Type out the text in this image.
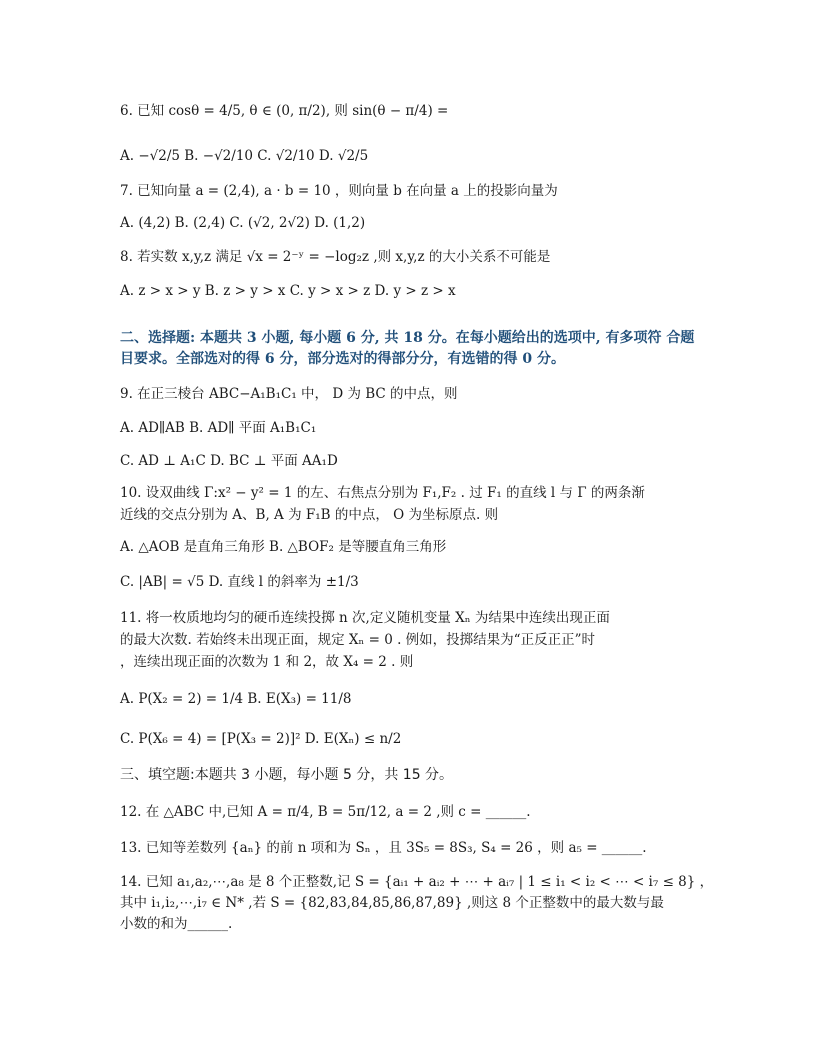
6. 已知 cosθ = 4/5, θ ∈ (0, π/2), 则 sin(θ − π/4) =
A. −√2/5 B. −√2/10 C. √2/10 D. √2/5
7. 已知向量 a = (2,4), a · b = 10 ，则向量 b 在向量 a 上的投影向量为
A. (4,2) B. (2,4) C. (√2, 2√2) D. (1,2)
8. 若实数 x,y,z 满足 √x = 2⁻ʸ = −log₂z ,则 x,y,z 的大小关系不可能是
A. z > x > y B. z > y > x C. y > x > z D. y > z > x
二、选择题: 本题共 3 小题, 每小题 6 分, 共 18 分。在每小题给出的选项中, 有多项符 合题目要求。全部选对的得 6 分，部分选对的得部分分，有选错的得 0 分。
9. 在正三棱台 ABC−A₁B₁C₁ 中， D 为 BC 的中点，则
A. AD∥AB B. AD∥ 平面 A₁B₁C₁
C. AD ⊥ A₁C D. BC ⊥ 平面 AA₁D
10. 设双曲线 Γ:x² − y² = 1 的左、右焦点分别为 F₁,F₂ . 过 F₁ 的直线 l 与 Γ 的两条渐
近线的交点分别为 A、B, A 为 F₁B 的中点， O 为坐标原点. 则
A. △AOB 是直角三角形 B. △BOF₂ 是等腰直角三角形
C. |AB| = √5 D. 直线 l 的斜率为 ±1/3
11. 将一枚质地均匀的硬币连续投掷 n 次,定义随机变量 Xₙ 为结果中连续出现正面
的最大次数. 若始终未出现正面，规定 Xₙ = 0 . 例如，投掷结果为“正反正正”时
，连续出现正面的次数为 1 和 2，故 X₄ = 2 . 则
A. P(X₂ = 2) = 1/4 B. E(X₃) = 11/8
C. P(X₆ = 4) = [P(X₃ = 2)]² D. E(Xₙ) ≤ n/2
三、填空题:本题共 3 小题，每小题 5 分，共 15 分。
12. 在 △ABC 中,已知 A = π/4, B = 5π/12, a = 2 ,则 c = ______.
13. 已知等差数列 {aₙ} 的前 n 项和为 Sₙ ，且 3S₅ = 8S₃, S₄ = 26 ，则 a₅ = ______.
14. 已知 a₁,a₂,⋯,a₈ 是 8 个正整数,记 S = {aᵢ₁ + aᵢ₂ + ⋯ + aᵢ₇ | 1 ≤ i₁ < i₂ < ⋯ < i₇ ≤ 8} ，
其中 i₁,i₂,⋯,i₇ ∈ N* ,若 S = {82,83,84,85,86,87,89} ,则这 8 个正整数中的最大数与最
小数的和为______.
